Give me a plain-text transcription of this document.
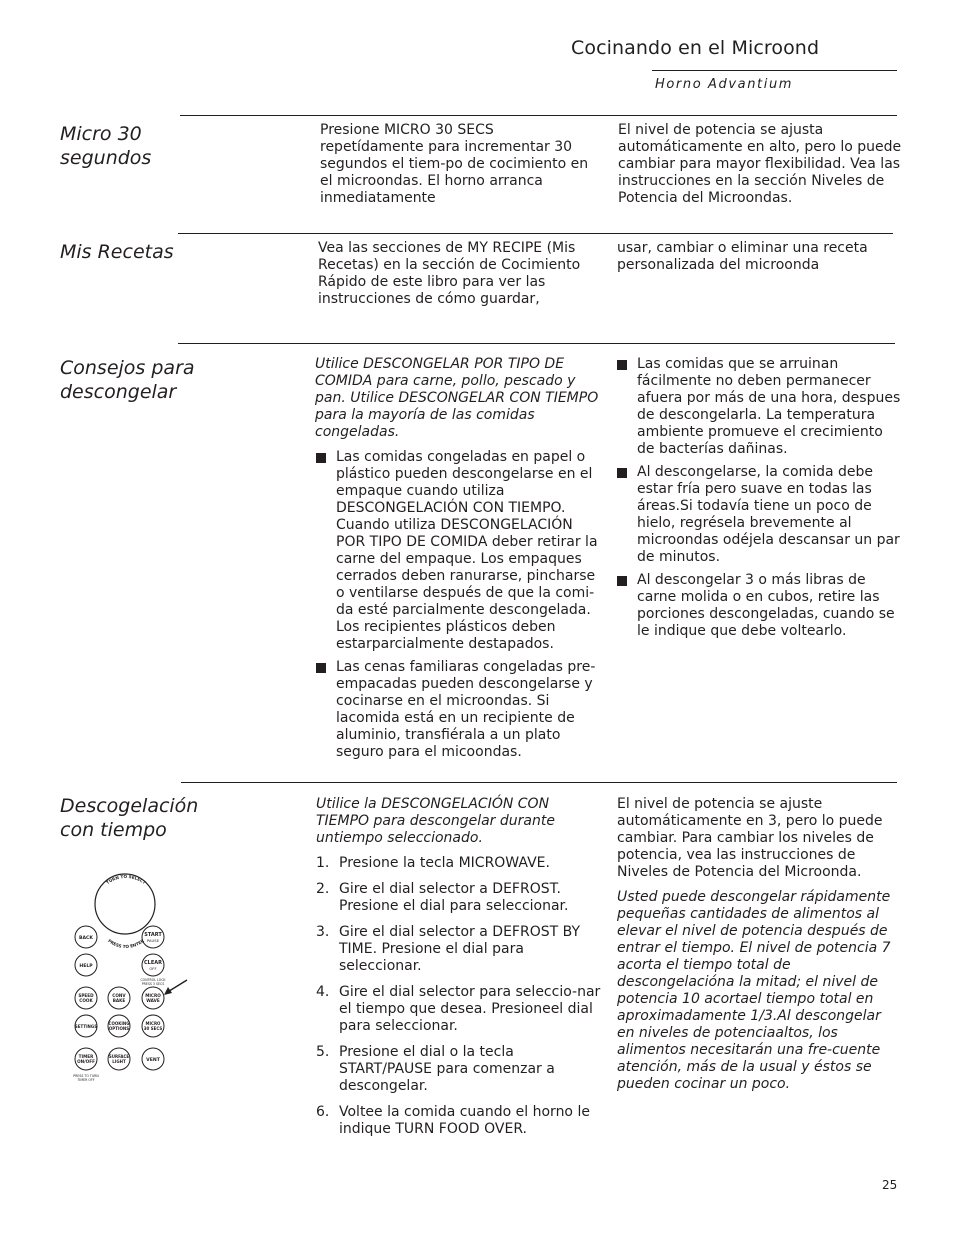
Cocinando en el Microond
Horno Advantium
Micro 30 segundos
Presione MICRO 30 SECS repetídamente para incrementar 30 segundos el tiem-po de cocimiento en el microondas. El horno arranca inmediatamente
El nivel de potencia se ajusta automáticamente en alto, pero lo puede cambiar para mayor flexibilidad. Vea las instrucciones en la sección Niveles de Potencia del Microondas.
Mis Recetas	Vea las secciones de MY RECIPE (Mis Recetas) en la sección de Cocimiento Rápido de este libro para ver las instrucciones de cómo guardar,
usar, cambiar o eliminar una receta personalizada del microonda
Consejos para descongelar

Utilice DESCONGELAR POR TIPO DE COMIDA para carne, pollo, pescado y pan. Utilice DESCONGELAR CON TIEMPO para la mayoría de las comidas congeladas.

Las comidas congeladas en papel o plástico pueden descongelarse en el empaque cuando utiliza DESCONGELACIÓN CON TIEMPO. Cuando utiliza DESCONGELACIÓN POR TIPO DE COMIDA deber retirar la carne del empaque. Los empaques cerrados deben ranurarse, pincharse o ventilarse después de que la comi-da esté parcialmente descongelada. Los recipientes plásticos deben estarparcialmente destapados.
Las cenas familiaras congeladas pre-empacadas pueden descongelarse y cocinarse en el microondas. Si lacomida está en un recipiente de aluminio, transfiérala a un plato seguro para el micoondas.
Las comidas que se arruinan fácilmente no deben permanecer afuera por más de una hora, despues de descongelarla. La temperatura ambiente promueve el crecimiento de bacterías dañinas.
Al descongelarse, la comida debe estar fría pero suave en todas las áreas.Si todavía tiene un poco de hielo, regrésela brevemente al microondas odéjela descansar un par de minutos.
Al descongelar 3 o más libras de carne molida o en cubos, retire las porciones descongeladas, cuando se le indique que debe voltearlo.
Descogelación con tiempo
TURN TO SELECT
PRESS TO ENTER
BACK
START
PAUSE
HELP
CLEAR
OFF
CONTROL LOCK
PRESS 3 SECS
SPEED
COOK
CONV
BAKE
MICRO
WAVE
SETTINGS
COOKING
OPTIONS
MICRO
30 SECS
TIMER
ON/OFF
PRESS TO TURN
TIMER OFF
SURFACE
LIGHT	VENT

Utilice la DESCONGELACIÓN CON TIEMPO para descongelar durante untiempo seleccionado.

1. Presione la tecla MICROWAVE.
2. Gire el dial selector a DEFROST. Presione el dial para seleccionar.
3. Gire el dial selector a DEFROST BY TIME. Presione el dial para seleccionar.
4. Gire el dial selector para seleccio-nar el tiempo que desea. Presioneel dial para seleccionar.
5. Presione el dial o la tecla START/PAUSE para comenzar a descongelar.
6. Voltee la comida cuando el horno le indique TURN FOOD OVER.

El nivel de potencia se ajuste automáticamente en 3, pero lo puede cambiar. Para cambiar los niveles de potencia, vea las instrucciones de Niveles de Potencia del Microonda.

Usted puede descongelar rápidamente pequeñas cantidades de alimentos al elevar el nivel de potencia después de entrar el tiempo. El nivel de potencia 7 acorta el tiempo total de descongelacióna la mitad; el nivel de potencia 10 acortael tiempo total en aproximadamente 1/3.Al descongelar en niveles de potenciaaltos, los alimentos necesitarán una fre-cuente atención, más de la usual y éstos se pueden cocinar un poco.

25
